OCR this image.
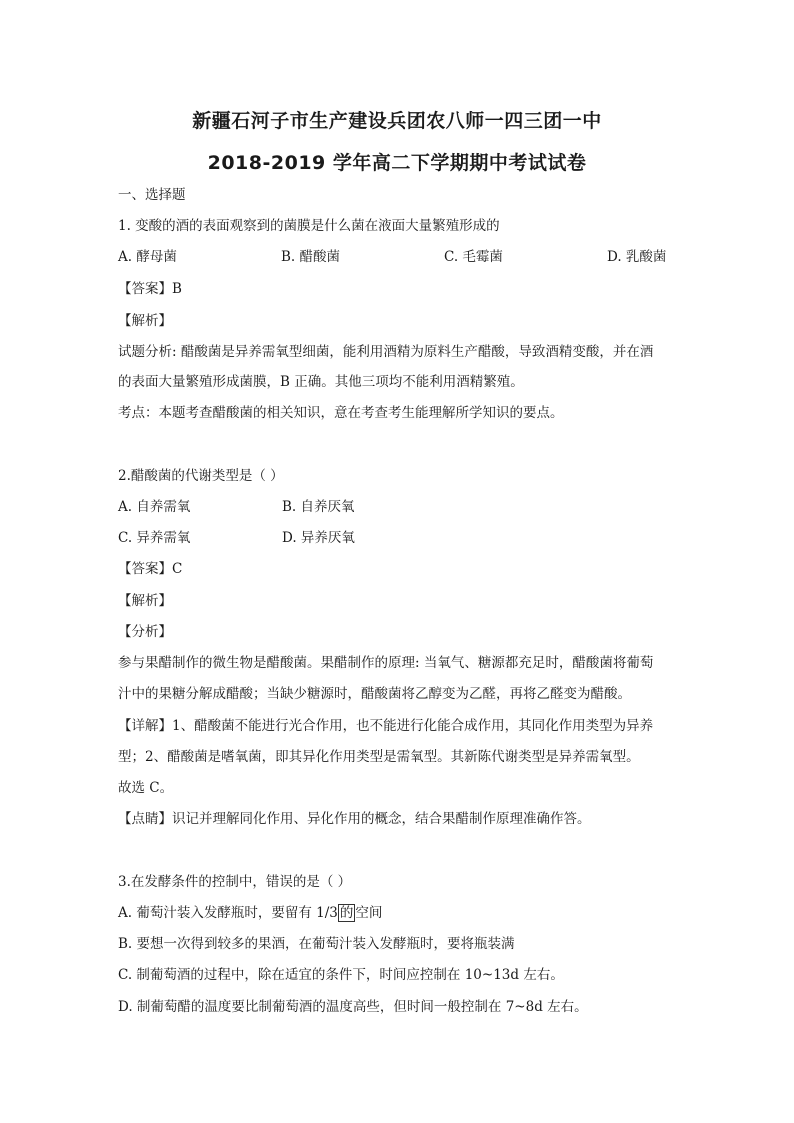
新疆石河子市生产建设兵团农八师一四三团一中
2018-2019 学年高二下学期期中考试试卷
一、选择题
1. 变酸的酒的表面观察到的菌膜是什么菌在液面大量繁殖形成的
A. 酵母菌	B. 醋酸菌	C. 毛霉菌	D. 乳酸菌
【答案】B
【解析】
试题分析: 醋酸菌是异养需氧型细菌，能利用酒精为原料生产醋酸，导致酒精变酸，并在酒
的表面大量繁殖形成菌膜，B 正确。其他三项均不能利用酒精繁殖。
考点：本题考查醋酸菌的相关知识，意在考查考生能理解所学知识的要点。
2.醋酸菌的代谢类型是（ ）
A. 自养需氧	B. 自养厌氧
C. 异养需氧	D. 异养厌氧
【答案】C
【解析】
【分析】
参与果醋制作的微生物是醋酸菌。果醋制作的原理: 当氧气、糖源都充足时，醋酸菌将葡萄
汁中的果糖分解成醋酸；当缺少糖源时，醋酸菌将乙醇变为乙醛，再将乙醛变为醋酸。
【详解】1、醋酸菌不能进行光合作用，也不能进行化能合成作用，其同化作用类型为异养
型；2、醋酸菌是嗜氧菌，即其异化作用类型是需氧型。其新陈代谢类型是异养需氧型。
故选 C。
【点睛】识记并理解同化作用、异化作用的概念，结合果醋制作原理准确作答。
3.在发酵条件的控制中，错误的是（ ）
A. 葡萄汁装入发酵瓶时，要留有 1/3 的 空间
B. 要想一次得到较多的果酒，在葡萄汁装入发酵瓶时，要将瓶装满
C. 制葡萄酒的过程中，除在适宜的条件下，时间应控制在 10~13d 左右。
D. 制葡萄醋的温度要比制葡萄酒的温度高些，但时间一般控制在 7~8d 左右。
